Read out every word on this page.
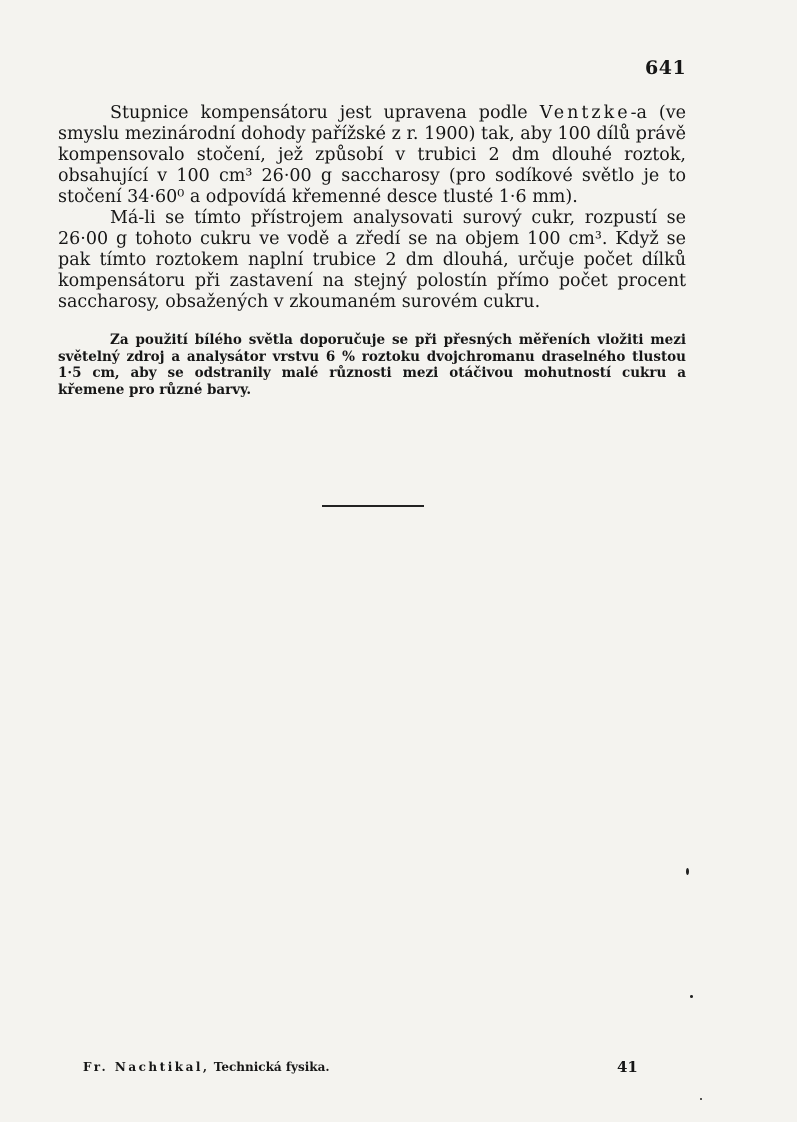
641

Stupnice kompensátoru jest upravena podle Ventzke-a (ve smyslu mezinárodní dohody pařížské z r. 1900) tak, aby 100 dílů právě kompensovalo stočení, jež způsobí v trubici 2 dm dlouhé roztok, obsahující v 100 cm³ 26·00 g saccharosy (pro sodíkové světlo je to stočení 34·60⁰ a odpovídá křemenné desce tlusté 1·6 mm).

Má-li se tímto přístrojem analysovati surový cukr, rozpustí se 26·00 g tohoto cukru ve vodě a zředí se na objem 100 cm³. Když se pak tímto roztokem naplní trubice 2 dm dlouhá, určuje počet dílků kompensátoru při zastavení na stejný polostín přímo počet procent saccharosy, obsažených v zkoumaném surovém cukru.

Za použití bílého světla doporučuje se při přesných měřeních vložiti mezi světelný zdroj a analysátor vrstvu 6 % roztoku dvojchromanu draselného tlustou 1·5 cm, aby se odstranily malé různosti mezi otáčivou mohutností cukru a křemene pro různé barvy.
Fr. Nachtikal, Technická fysika.	41
